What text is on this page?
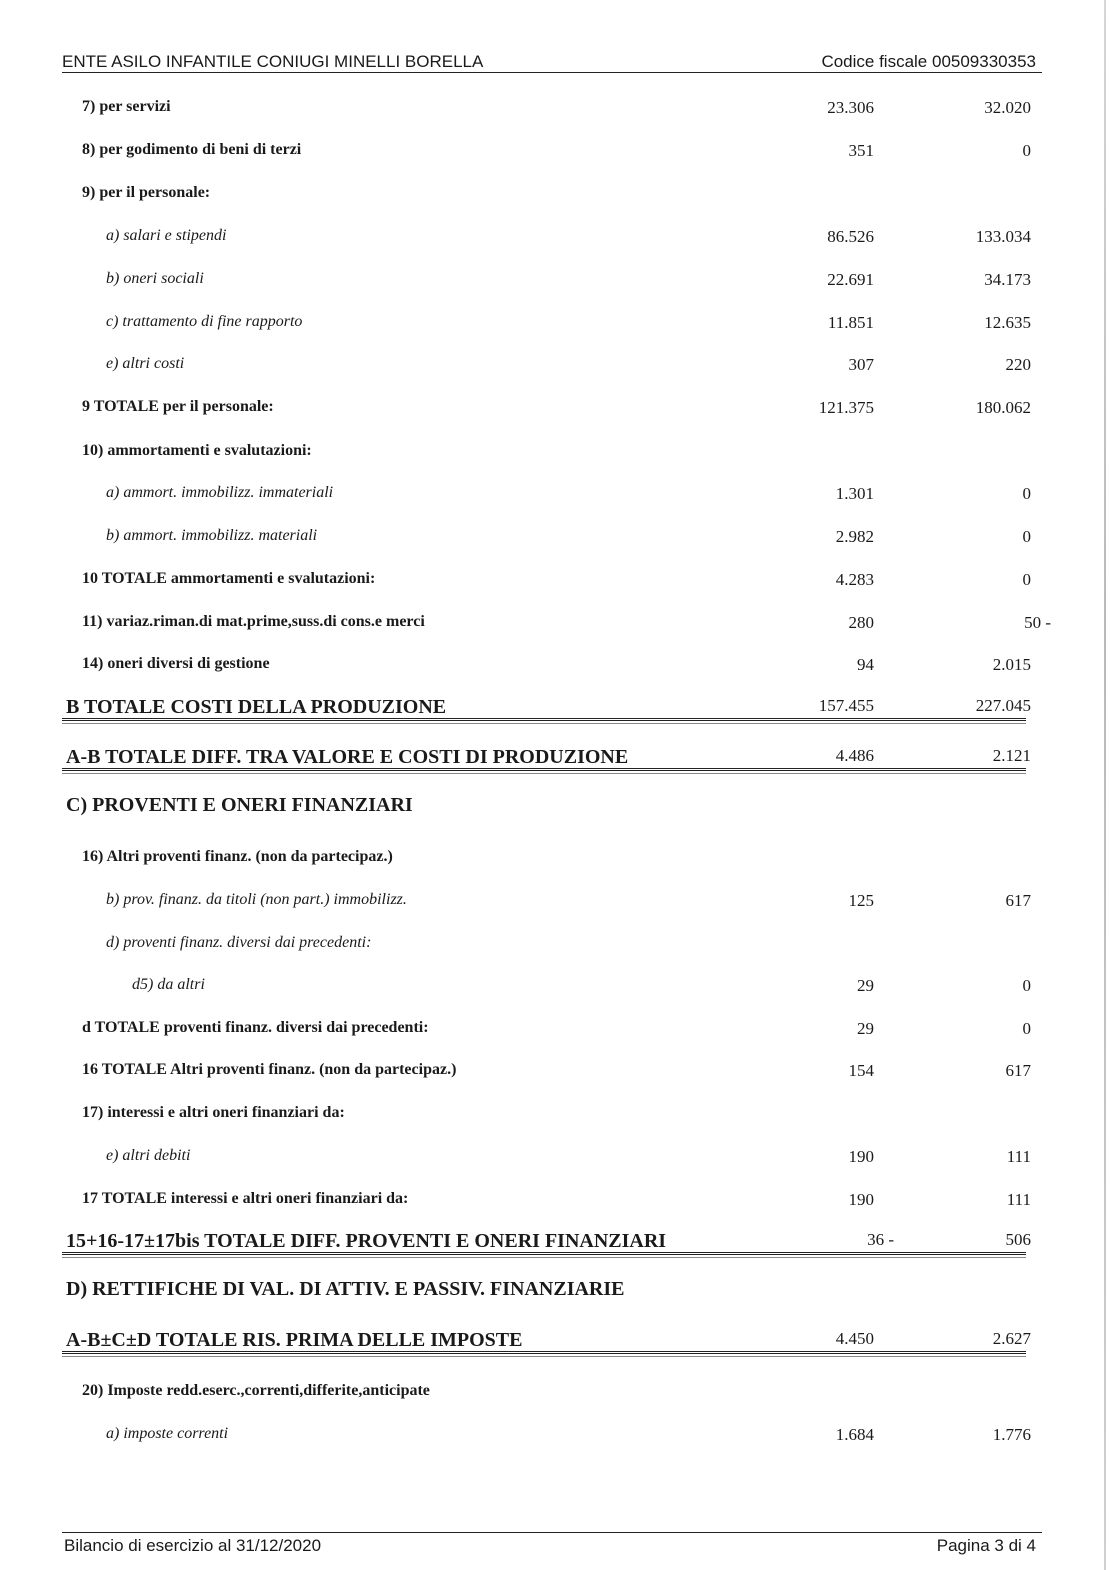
ENTE ASILO INFANTILE CONIUGI MINELLI BORELLA	Codice fiscale 00509330353
7) per servizi	23.306	32.020
8) per godimento di beni di terzi	351	0
9) per il personale:
a) salari e stipendi	86.526	133.034
b) oneri sociali	22.691	34.173
c) trattamento di fine rapporto	11.851	12.635
e) altri costi	307	220
9 TOTALE per il personale:	121.375	180.062
10) ammortamenti e svalutazioni:
a) ammort. immobilizz. immateriali	1.301	0
b) ammort. immobilizz. materiali	2.982	0
10 TOTALE ammortamenti e svalutazioni:	4.283	0
11) variaz.riman.di mat.prime,suss.di cons.e merci	280	50 -
14) oneri diversi di gestione	94	2.015
B TOTALE COSTI DELLA PRODUZIONE	157.455	227.045
A-B TOTALE DIFF. TRA VALORE E COSTI DI PRODUZIONE	4.486	2.121
C) PROVENTI E ONERI FINANZIARI
16) Altri proventi finanz. (non da partecipaz.)
b) prov. finanz. da titoli (non part.) immobilizz.	125	617
d) proventi finanz. diversi dai precedenti:
d5) da altri	29	0
d TOTALE proventi finanz. diversi dai precedenti:	29	0
16 TOTALE Altri proventi finanz. (non da partecipaz.)	154	617
17) interessi e altri oneri finanziari da:
e) altri debiti	190	111
17 TOTALE interessi e altri oneri finanziari da:	190	111
15+16-17±17bis TOTALE DIFF. PROVENTI E ONERI FINANZIARI	36 -	506
D) RETTIFICHE DI VAL. DI ATTIV. E PASSIV. FINANZIARIE
A-B±C±D TOTALE RIS. PRIMA DELLE IMPOSTE	4.450	2.627
20) Imposte redd.eserc.,correnti,differite,anticipate
a) imposte correnti	1.684	1.776
Bilancio di esercizio al 31/12/2020	Pagina 3 di 4
